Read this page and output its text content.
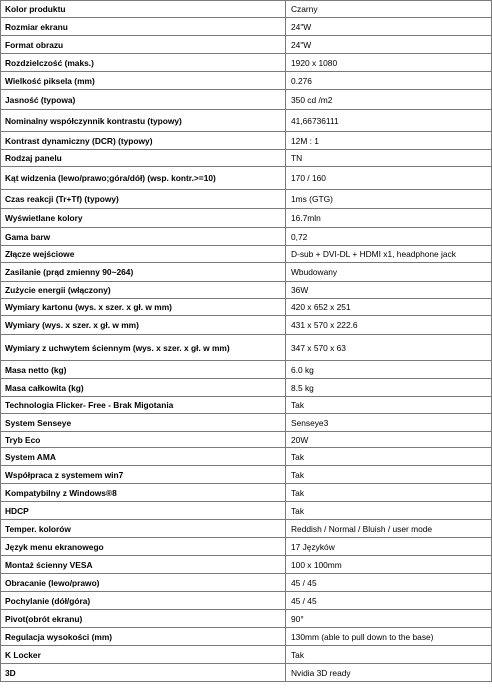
Kolor produktu	Czarny
Rozmiar ekranu	24"W
Format obrazu	24"W
Rozdzielczość (maks.)	1920 x 1080
Wielkość piksela (mm)	0.276
Jasność (typowa)	350 cd /m2
Nominalny współczynnik kontrastu (typowy)	41,66736111
Kontrast dynamiczny (DCR) (typowy)	12M : 1
Rodzaj panelu	TN
Kąt widzenia (lewo/prawo;góra/dół) (wsp. kontr.>=10)	170 / 160
Czas reakcji (Tr+Tf) (typowy)	1ms (GTG)
Wyświetlane kolory	16.7mln
Gama barw	0,72
Złącze wejściowe	D-sub + DVI-DL + HDMI x1, headphone jack
Zasilanie (prąd zmienny 90~264)	Wbudowany
Zużycie energii (włączony)	36W
Wymiary kartonu (wys. x szer. x gł. w mm)	420 x 652 x 251
Wymiary (wys. x szer. x gł. w mm)	431 x 570 x 222.6
Wymiary z uchwytem ściennym (wys. x szer. x gł. w mm)	347 x 570 x 63
Masa netto (kg)	6.0 kg
Masa całkowita (kg)	8.5 kg
Technologia Flicker- Free - Brak Migotania	Tak
System Senseye	Senseye3
Tryb Eco	20W
System AMA	Tak
Współpraca z systemem win7	Tak
Kompatybilny z Windows®8	Tak
HDCP	Tak
Temper. kolorów	Reddish / Normal / Bluish / user mode
Język menu ekranowego	17 Języków
Montaż ścienny VESA	100 x 100mm
Obracanie (lewo/prawo)	45 / 45
Pochylanie (dół/góra)	45 / 45
Pivot(obrót ekranu)	90°
Regulacja wysokości (mm)	130mm (able to pull down to the base)
K Locker	Tak
3D	Nvidia 3D ready
